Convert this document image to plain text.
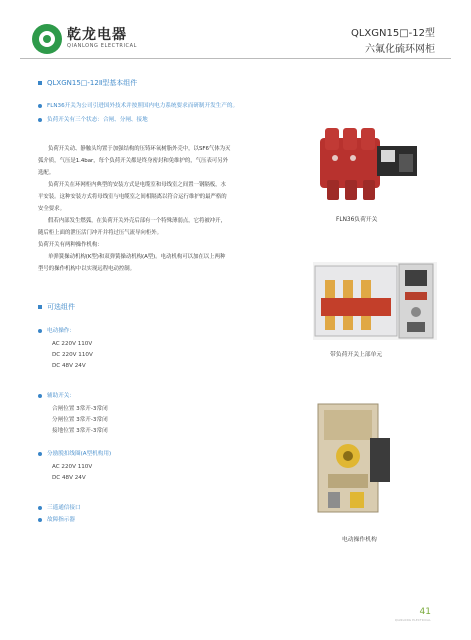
乾龙电器
QIANLONG ELECTRICAL
QLXGN15□-12型
六氟化硫环网柜
QLXGN15□-12Ⅱ型基本组件
FLN36开关为公司引进国外技术并按照国内电力系统要求而研制开发生产的。
负荷开关有三个状态：合闸、分闸、接地

负荷开关动、静触头均置于加强结构的压铸环氧树脂外壳中，以SF6气体为灭

弧介质，气压是1.4bar，每个负荷开关都是终身密封和免维护的，气压表可另外

选配。

负荷开关在环网柜内典型的安装方式是电缆室和母线室之间置一钢隔板，水

平安装。这种安装方式将母线室与电缆室之间相隔离以符合运行维护的最严格的

安全要求。

假若内部发生燃弧，在负荷开关外壳后部有一个特殊薄弱点，它将被冲开，

随后柜上面的泄压活门冲开并将过压气流导向柜外。

负荷开关有两种操作机构：

单弹簧操动机构(K型)和双弹簧操动机构(A型)。电动机构可以加在以上两种

型号的操作机构中以实现远程电动控制。

FLN36负荷开关
带负荷开关上部单元
可选组件
电动操作：
AC 220V 110V
DC 220V 110V
DC 48V 24V
辅助开关：
合闸位置 3常开-3常闭
分闸位置 3常开-3常闭
接地位置 3常开-3常闭
分励脱扣线圈(A型机构用)
AC 220V 110V
DC 48V 24V
三遥通信接口
故障指示器
电动操作机构
41
QIANLONG ELECTRICAL
